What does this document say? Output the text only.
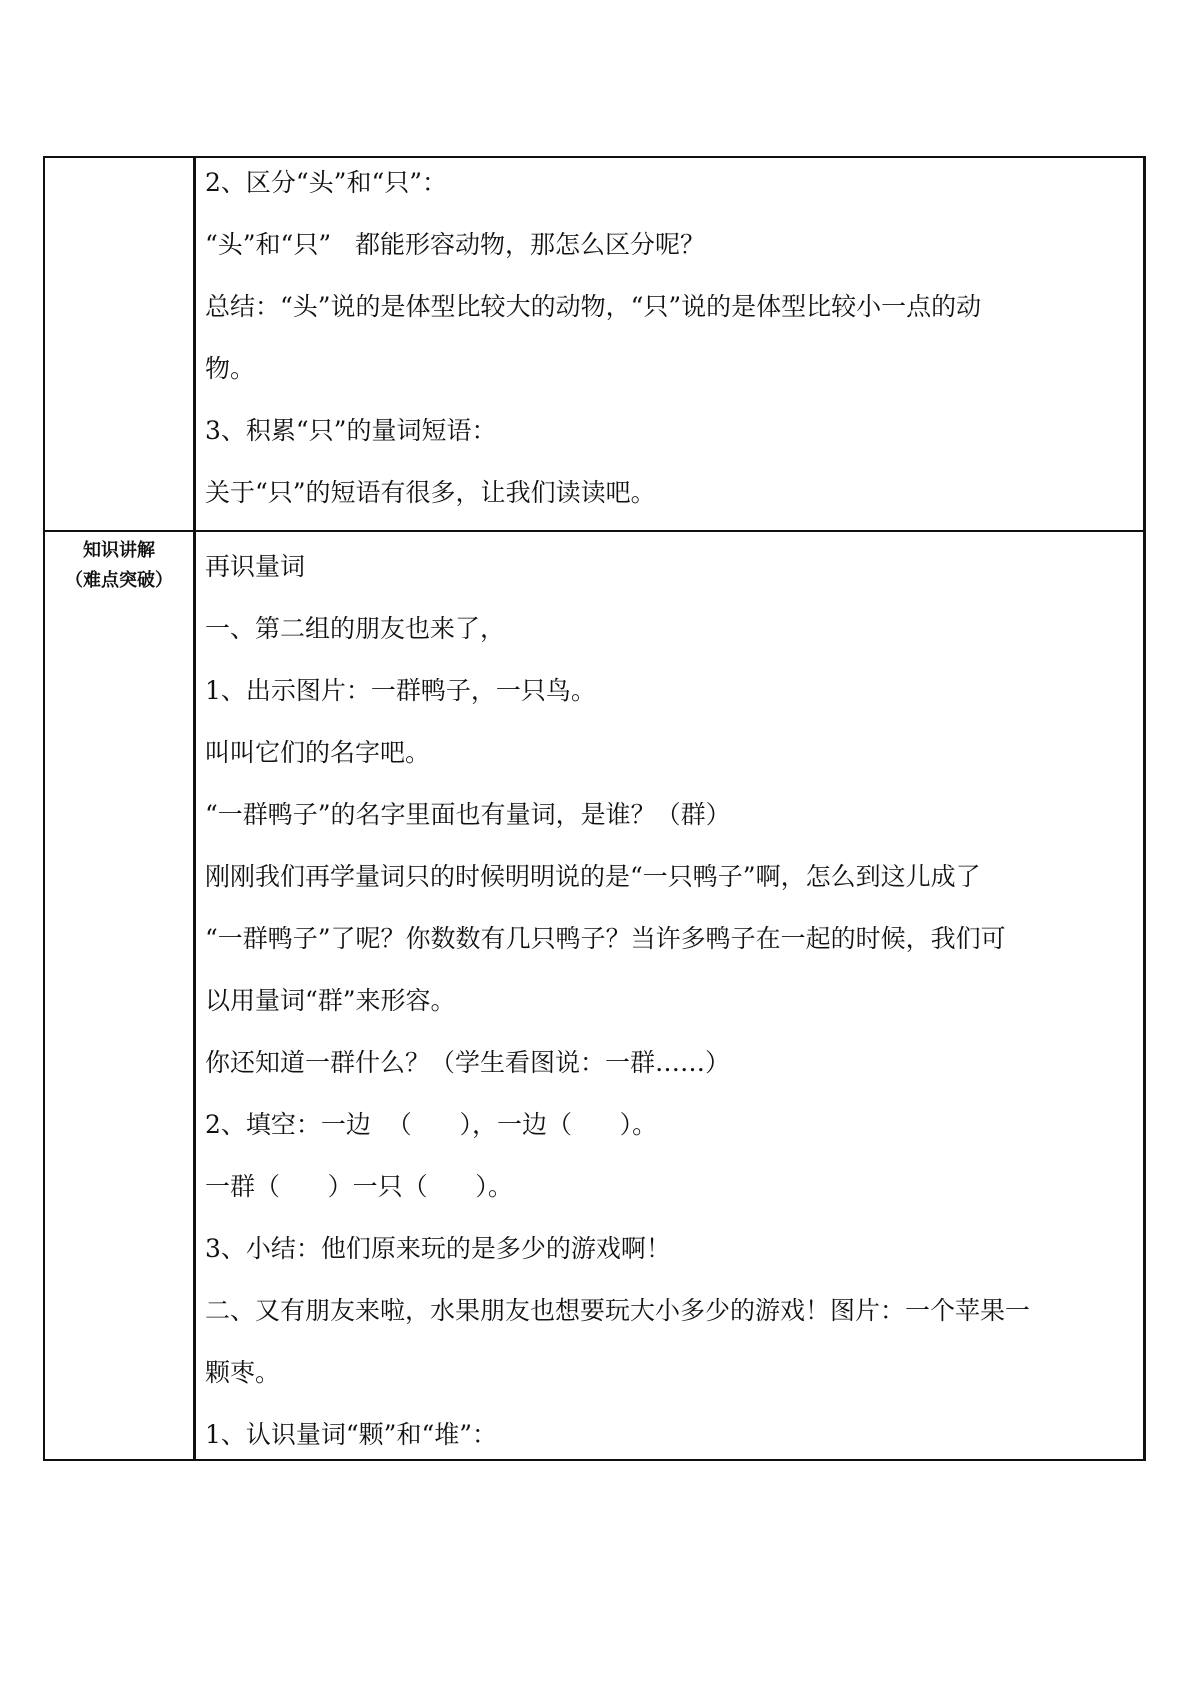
2、区分“头”和“只”：

“头”和“只”   都能形容动物，那怎么区分呢？

总结：“头”说的是体型比较大的动物，“只”说的是体型比较小一点的动

物。

3、积累“只”的量词短语：

关于“只”的短语有很多，让我们读读吧。

知识讲解
（难点突破）	再识量词

一、第二组的朋友也来了，

1、出示图片：一群鸭子，一只鸟。

叫叫它们的名字吧。

“一群鸭子”的名字里面也有量词，是谁？（群）

刚刚我们再学量词只的时候明明说的是“一只鸭子”啊，怎么到这儿成了

“一群鸭子”了呢？你数数有几只鸭子？当许多鸭子在一起的时候，我们可

以用量词“群”来形容。

你还知道一群什么？（学生看图说：一群……）

2、填空：一边  （      ），一边（      ）。

一群（      ）一只（      ）。

3、小结：他们原来玩的是多少的游戏啊！

二、又有朋友来啦，水果朋友也想要玩大小多少的游戏！图片：一个苹果一

颗枣。

1、认识量词“颗”和“堆”：
